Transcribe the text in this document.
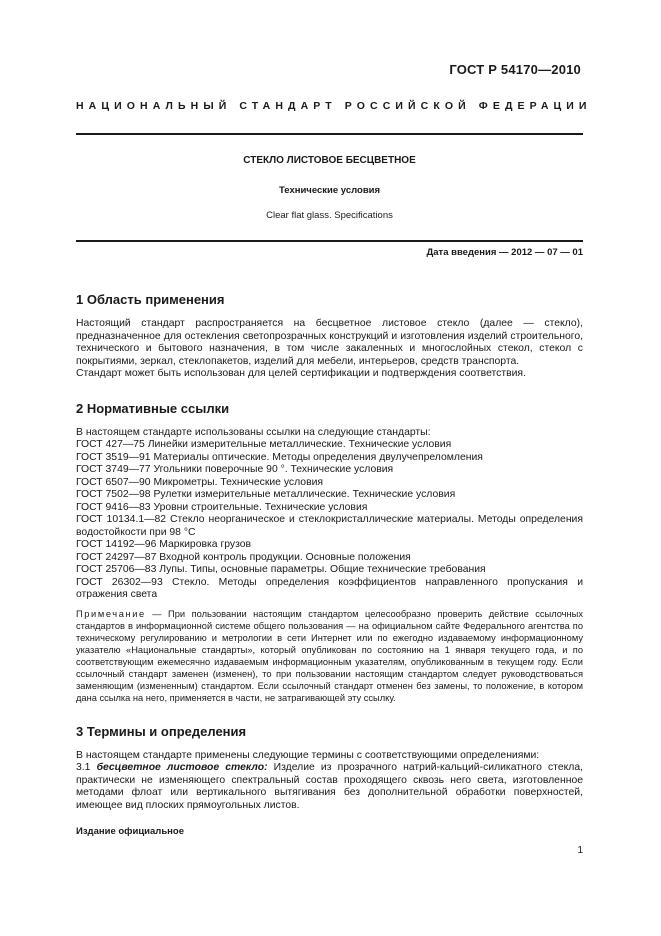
ГОСТ Р 54170—2010
НАЦИОНАЛЬНЫЙ СТАНДАРТ РОССИЙСКОЙ ФЕДЕРАЦИИ
СТЕКЛО ЛИСТОВОЕ БЕСЦВЕТНОЕ
Технические условия
Clear flat glass. Specifications
Дата введения — 2012 — 07 — 01
1 Область применения
Настоящий стандарт распространяется на бесцветное листовое стекло (далее — стекло), предназначенное для остекления светопрозрачных конструкций и изготовления изделий строительного, технического и бытового назначения, в том числе закаленных и многослойных стекол, стекол с покрытиями, зеркал, стеклопакетов, изделий для мебели, интерьеров, средств транспорта.
Стандарт может быть использован для целей сертификации и подтверждения соответствия.
2 Нормативные ссылки
В настоящем стандарте использованы ссылки на следующие стандарты:
ГОСТ 427—75 Линейки измерительные металлические. Технические условия
ГОСТ 3519—91 Материалы оптические. Методы определения двулучепреломления
ГОСТ 3749—77 Угольники поверочные 90 °. Технические условия
ГОСТ 6507—90 Микрометры. Технические условия
ГОСТ 7502—98 Рулетки измерительные металлические. Технические условия
ГОСТ 9416—83 Уровни строительные. Технические условия
ГОСТ 10134.1—82 Стекло неорганическое и стеклокристаллические материалы. Методы определения водостойкости при 98 °С
ГОСТ 14192—96 Маркировка грузов
ГОСТ 24297—87 Входной контроль продукции. Основные положения
ГОСТ 25706—83 Лупы. Типы, основные параметры. Общие технические требования
ГОСТ 26302—93 Стекло. Методы определения коэффициентов направленного пропускания и отражения света
Примечание — При пользовании настоящим стандартом целесообразно проверить действие ссылочных стандартов в информационной системе общего пользования — на официальном сайте Федерального агентства по техническому регулированию и метрологии в сети Интернет или по ежегодно издаваемому информационному указателю «Национальные стандарты», который опубликован по состоянию на 1 января текущего года, и по соответствующим ежемесячно издаваемым информационным указателям, опубликованным в текущем году. Если ссылочный стандарт заменен (изменен), то при пользовании настоящим стандартом следует руководствоваться заменяющим (измененным) стандартом. Если ссылочный стандарт отменен без замены, то положение, в котором дана ссылка на него, применяется в части, не затрагивающей эту ссылку.
3 Термины и определения
В настоящем стандарте применены следующие термины с соответствующими определениями:
3.1 бесцветное листовое стекло: Изделие из прозрачного натрий-кальций-силикатного стекла, практически не изменяющего спектральный состав проходящего сквозь него света, изготовленное методами флоат или вертикального вытягивания без дополнительной обработки поверхностей, имеющее вид плоских прямоугольных листов.
Издание официальное
1
